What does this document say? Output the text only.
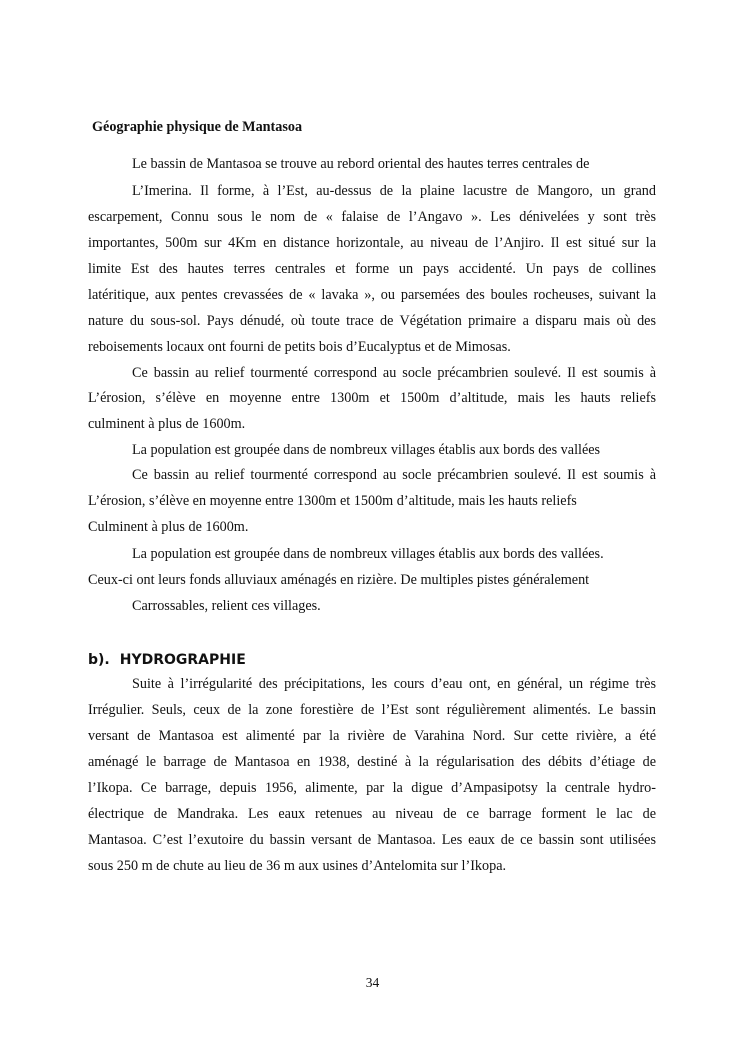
Géographie physique de Mantasoa
Le bassin de Mantasoa se trouve au rebord oriental des hautes terres centrales de
L’Imerina. Il forme, à l’Est, au-dessus de la plaine lacustre de Mangoro, un grand
escarpement, Connu sous le nom de « falaise de l’Angavo ». Les dénivelées y sont très
importantes, 500m sur 4Km en distance horizontale, au niveau de l’Anjiro. Il est situé sur la
limite Est des hautes terres centrales et forme un pays accidenté. Un pays de collines
latéritique, aux pentes crevassées de « lavaka », ou parsemées des boules rocheuses, suivant la
nature du sous-sol. Pays dénudé, où toute trace de Végétation primaire a disparu mais où des
reboisements locaux ont fourni de petits bois d’Eucalyptus et de Mimosas.
Ce bassin au relief tourmenté correspond au socle précambrien soulevé. Il est soumis à
L’érosion, s’élève en moyenne entre 1300m et 1500m d’altitude, mais les hauts reliefs
culminent à plus de 1600m.
La population est groupée dans de nombreux villages établis aux bords des vallées
Ce bassin au relief tourmenté correspond au socle précambrien soulevé. Il est soumis à
L’érosion, s’élève en moyenne entre 1300m et 1500m d’altitude, mais les hauts reliefs
Culminent à plus de 1600m.
La population est groupée dans de nombreux villages établis aux bords des vallées.
Ceux-ci ont leurs fonds alluviaux aménagés en rizière. De multiples pistes généralement
Carrossables, relient ces villages.
b). HYDROGRAPHIE
Suite à l’irrégularité des précipitations, les cours d’eau ont, en général, un régime très
Irrégulier. Seuls, ceux de la zone forestière de l’Est sont régulièrement alimentés. Le bassin
versant de Mantasoa est alimenté par la rivière de Varahina Nord. Sur cette rivière, a été
aménagé le barrage de Mantasoa en 1938, destiné à la régularisation des débits d’étiage de
l’Ikopa. Ce barrage, depuis 1956, alimente, par la digue d’Ampasipotsy la centrale hydro-
électrique de Mandraka. Les eaux retenues au niveau de ce barrage forment le lac de
Mantasoa. C’est l’exutoire du bassin versant de Mantasoa. Les eaux de ce bassin sont utilisées
sous 250 m de chute au lieu de 36 m aux usines d’Antelomita sur l’Ikopa.
34
